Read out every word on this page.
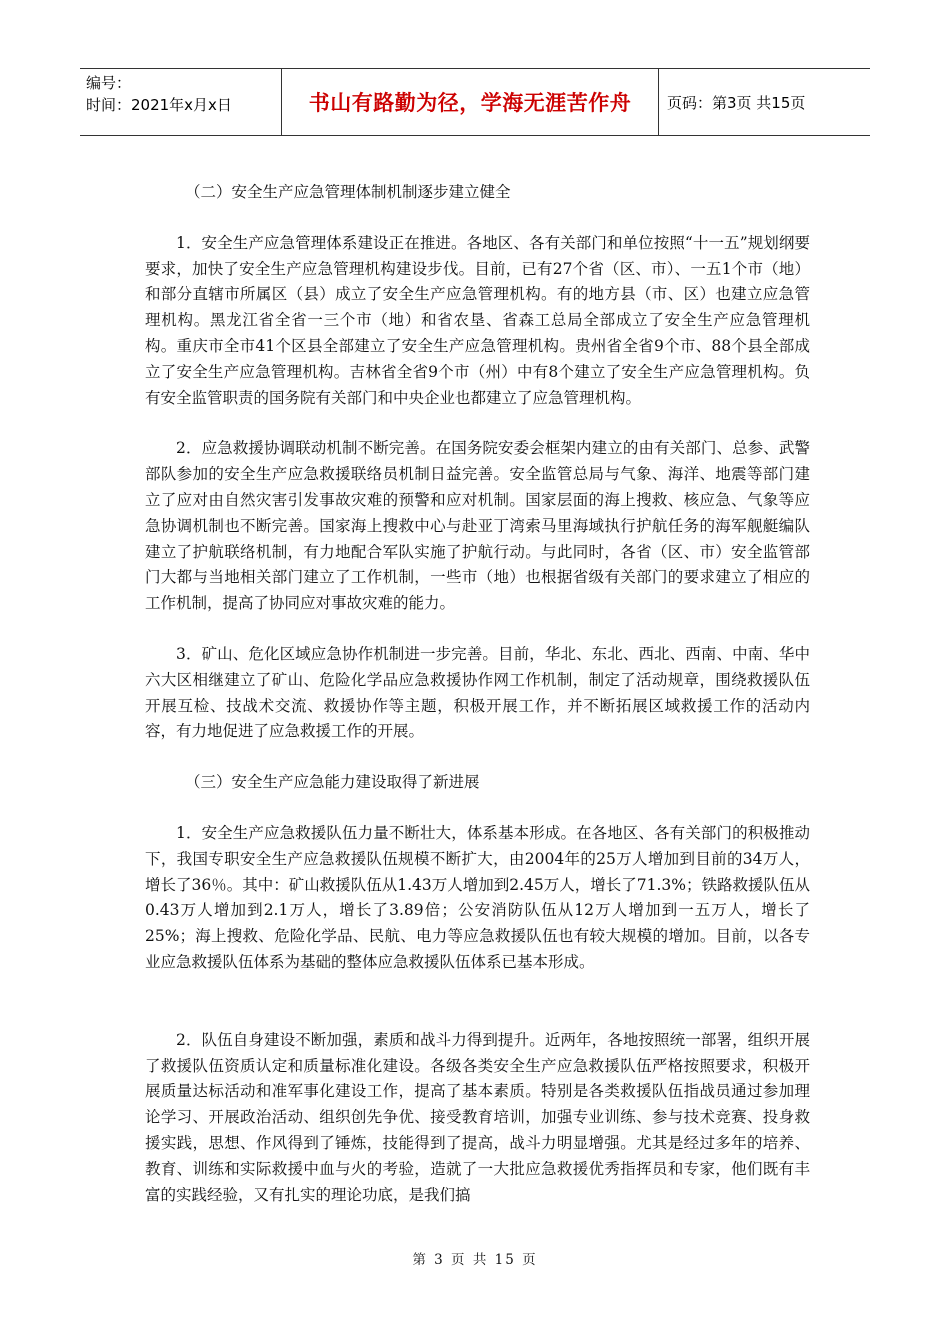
编号：
时间：2021年x月x日	书山有路勤为径，学海无涯苦作舟	页码：第3页 共15页

（二）安全生产应急管理体制机制逐步建立健全

1．安全生产应急管理体系建设正在推进。各地区、各有关部门和单位按照“十一五”规划纲要要求，加快了安全生产应急管理机构建设步伐。目前，已有27个省（区、市）、一五1个市（地）和部分直辖市所属区（县）成立了安全生产应急管理机构。有的地方县（市、区）也建立应急管理机构。黑龙江省全省一三个市（地）和省农垦、省森工总局全部成立了安全生产应急管理机构。重庆市全市41个区县全部建立了安全生产应急管理机构。贵州省全省9个市、88个县全部成立了安全生产应急管理机构。吉林省全省9个市（州）中有8个建立了安全生产应急管理机构。负有安全监管职责的国务院有关部门和中央企业也都建立了应急管理机构。

2．应急救援协调联动机制不断完善。在国务院安委会框架内建立的由有关部门、总参、武警部队参加的安全生产应急救援联络员机制日益完善。安全监管总局与气象、海洋、地震等部门建立了应对由自然灾害引发事故灾难的预警和应对机制。国家层面的海上搜救、核应急、气象等应急协调机制也不断完善。国家海上搜救中心与赴亚丁湾索马里海域执行护航任务的海军舰艇编队建立了护航联络机制，有力地配合军队实施了护航行动。与此同时，各省（区、市）安全监管部门大都与当地相关部门建立了工作机制，一些市（地）也根据省级有关部门的要求建立了相应的工作机制，提高了协同应对事故灾难的能力。

3．矿山、危化区域应急协作机制进一步完善。目前，华北、东北、西北、西南、中南、华中六大区相继建立了矿山、危险化学品应急救援协作网工作机制，制定了活动规章，围绕救援队伍开展互检、技战术交流、救援协作等主题，积极开展工作，并不断拓展区域救援工作的活动内容，有力地促进了应急救援工作的开展。

（三）安全生产应急能力建设取得了新进展

1．安全生产应急救援队伍力量不断壮大，体系基本形成。在各地区、各有关部门的积极推动下，我国专职安全生产应急救援队伍规模不断扩大，由2004年的25万人增加到目前的34万人，增长了36％。其中：矿山救援队伍从1.43万人增加到2.45万人，增长了71.3%；铁路救援队伍从0.43万人增加到2.1万人，增长了3.89倍；公安消防队伍从12万人增加到一五万人，增长了25%；海上搜救、危险化学品、民航、电力等应急救援队伍也有较大规模的增加。目前，以各专业应急救援队伍体系为基础的整体应急救援队伍体系已基本形成。

2．队伍自身建设不断加强，素质和战斗力得到提升。近两年，各地按照统一部署，组织开展了救援队伍资质认定和质量标准化建设。各级各类安全生产应急救援队伍严格按照要求，积极开展质量达标活动和准军事化建设工作，提高了基本素质。特别是各类救援队伍指战员通过参加理论学习、开展政治活动、组织创先争优、接受教育培训，加强专业训练、参与技术竞赛、投身救援实践，思想、作风得到了锤炼，技能得到了提高，战斗力明显增强。尤其是经过多年的培养、教育、训练和实际救援中血与火的考验，造就了一大批应急救援优秀指挥员和专家，他们既有丰富的实践经验，又有扎实的理论功底，是我们搞

第 3 页 共 15 页
